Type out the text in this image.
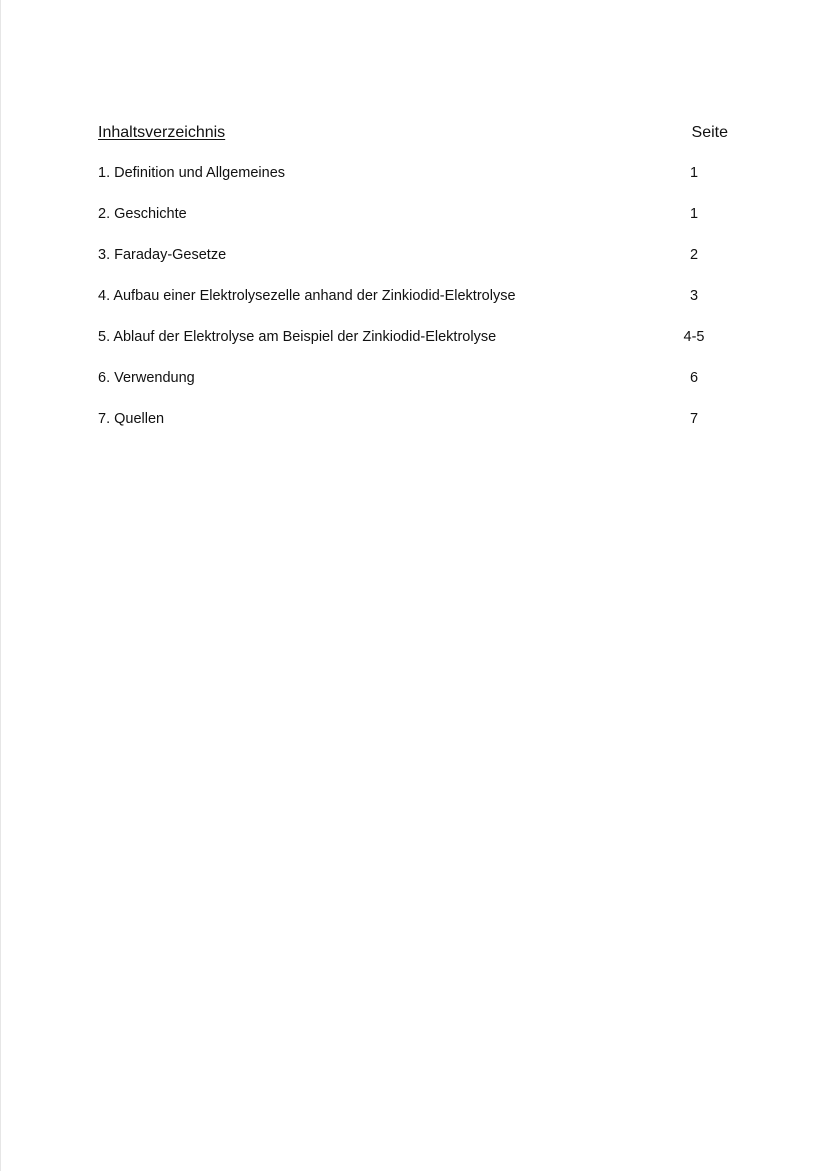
Inhaltsverzeichnis	Seite
1. Definition und Allgemeines	1
2. Geschichte	1
3. Faraday-Gesetze	2
4. Aufbau einer Elektrolysezelle anhand der Zinkiodid-Elektrolyse	3
5. Ablauf der Elektrolyse am Beispiel der Zinkiodid-Elektrolyse	4-5
6. Verwendung	6
7. Quellen	7
